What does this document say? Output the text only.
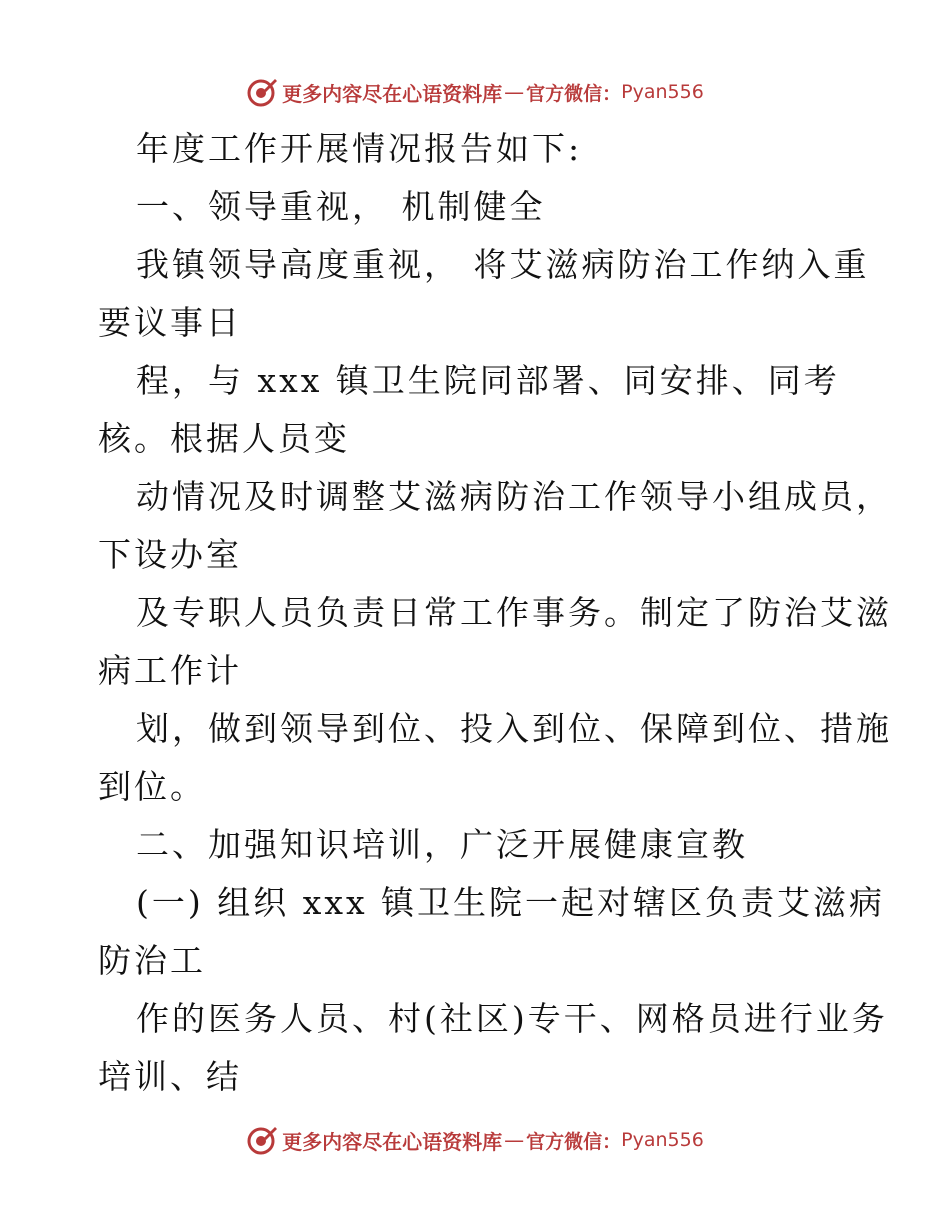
更多内容尽在心语资料库 — 官方微信： Pyan556
年度工作开展情况报告如下:
一、领导重视， 机制健全
我镇领导高度重视， 将艾滋病防治工作纳入重
要议事日
程，与 xxx 镇卫生院同部署、同安排、同考
核。根据人员变
动情况及时调整艾滋病防治工作领导小组成员，
下设办室
及专职人员负责日常工作事务。制定了防治艾滋
病工作计
划，做到领导到位、投入到位、保障到位、措施
到位。
二、加强知识培训，广泛开展健康宣教
(一) 组织 xxx 镇卫生院一起对辖区负责艾滋病
防治工
作的医务人员、村(社区)专干、网格员进行业务
培训、结
更多内容尽在心语资料库 — 官方微信： Pyan556
